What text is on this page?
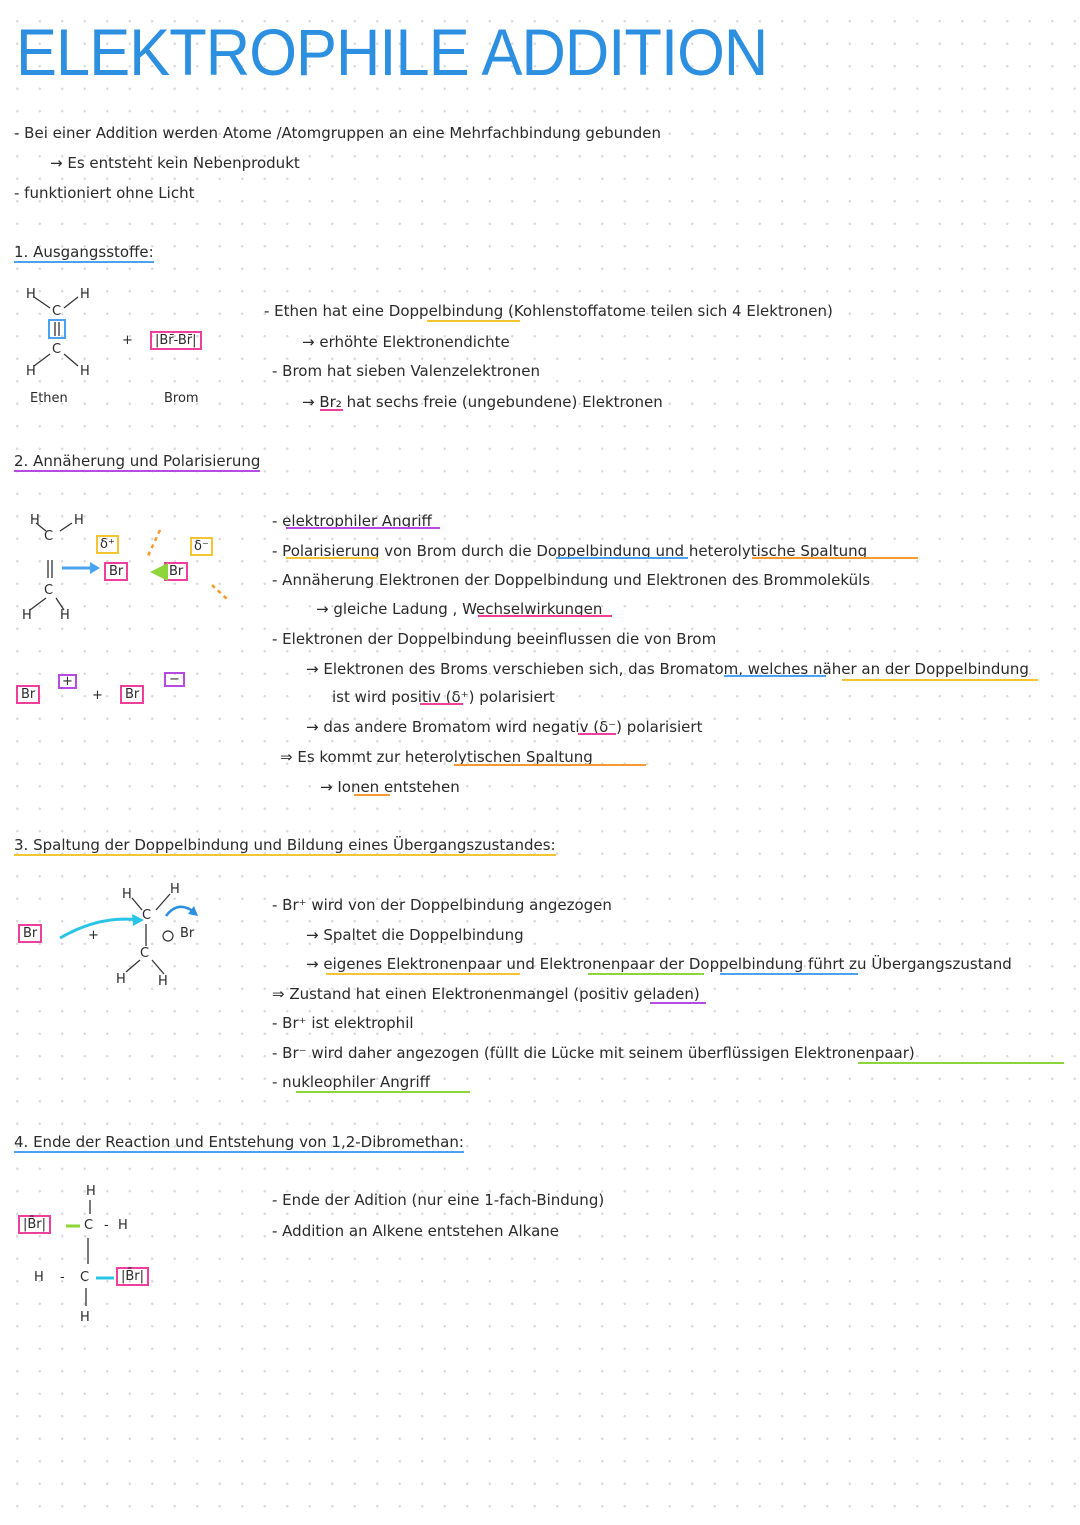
ELEKTROPHILE ADDITION
- Bei einer Addition werden Atome /Atomgruppen an eine Mehrfachbindung gebunden
→ Es entsteht kein Nebenprodukt
- funktioniert ohne Licht
1. Ausgangsstoffe:
H	H
C
C
H	H
Ethen
+	|Br̄-Br̄|
Brom
- Ethen hat eine Doppelbindung (Kohlenstoffatome teilen sich 4 Elektronen)
→ erhöhte Elektronendichte
- Brom hat sieben Valenzelektronen
→ Br₂ hat sechs freie (ungebundene) Elektronen
2. Annäherung und Polarisierung
H	H
C
C
H H
δ⁺	δ⁻
Br	Br
Br
+
+	Br
−
- elektrophiler Angriff
- Polarisierung von Brom durch die Doppelbindung und heterolytische Spaltung
- Annäherung Elektronen der Doppelbindung und Elektronen des Brommoleküls
→ gleiche Ladung , Wechselwirkungen
- Elektronen der Doppelbindung beeinflussen die von Brom
→ Elektronen des Broms verschieben sich, das Bromatom, welches näher an der Doppelbindung
ist wird positiv (δ⁺) polarisiert
→ das andere Bromatom wird negativ (δ⁻) polarisiert
⇒ Es kommt zur heterolytischen Spaltung
→ Ionen entstehen
3. Spaltung der Doppelbindung und Bildung eines Übergangszustandes:
Br	+
H	H
C
C
Br
H H
- Br⁺ wird von der Doppelbindung angezogen
→ Spaltet die Doppelbindung
→ eigenes Elektronenpaar und Elektronenpaar der Doppelbindung führt zu Übergangszustand
⇒ Zustand hat einen Elektronenmangel (positiv geladen)
- Br⁺ ist elektrophil
- Br⁻ wird daher angezogen (füllt die Lücke mit seinem überflüssigen Elektronenpaar)
- nukleophiler Angriff
4. Ende der Reaction und Entstehung von 1,2-Dibromethan:
H
|B̄r|	C - H
H - C	|B̄r|
H
- Ende der Adition (nur eine 1-fach-Bindung)
- Addition an Alkene entstehen Alkane
